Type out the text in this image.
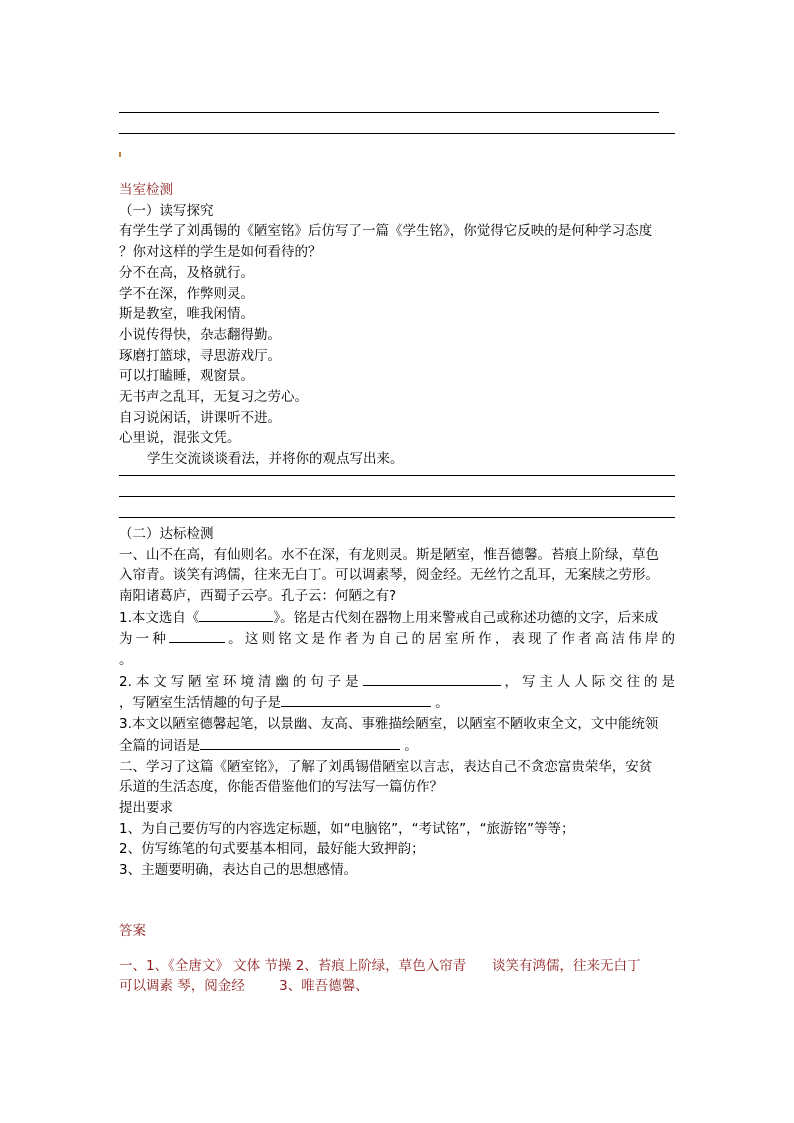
当室检测
（一）读写探究
有学生学了刘禹锡的《陋室铭》后仿写了一篇《学生铭》，你觉得它反映的是何种学习态度
？你对这样的学生是如何看待的？
分不在高，及格就行。
学不在深，作弊则灵。
斯是教室，唯我闲情。
小说传得快，杂志翻得勤。
琢磨打篮球，寻思游戏厅。
可以打瞌睡，观窗景。
无书声之乱耳，无复习之劳心。
自习说闲话，讲课听不进。
心里说，混张文凭。
学生交流谈谈看法，并将你的观点写出来。
（二）达标检测
一、山不在高，有仙则名。水不在深，有龙则灵。斯是陋室，惟吾德馨。苔痕上阶绿，草色
入帘青。谈笑有鸿儒，往来无白丁。可以调素琴，阅金经。无丝竹之乱耳，无案牍之劳形。
南阳诸葛庐，西蜀子云亭。孔子云：何陋之有?
1.本文选自《	》。铭是古代刻在器物上用来警戒自己或称述功德的文字，后来成
为一种	。这则铭文是作者为自己的居室所作，表现了作者高洁伟岸的
。
2.本文写陋室环境清幽的句子是	，写主人人际交往的是
，写陋室生活情趣的句子是	。
3.本文以陋室德馨起笔，以景幽、友高、事雅描绘陋室，以陋室不陋收束全文，文中能统领
全篇的词语是	。
二、学习了这篇《陋室铭》，了解了刘禹锡借陋室以言志，表达自己不贪恋富贵荣华，安贫
乐道的生活态度，你能否借鉴他们的写法写一篇仿作？
提出要求
1、为自己要仿写的内容选定标题，如“电脑铭”，“考试铭”，“旅游铭”等等；
2、仿写练笔的句式要基本相同，最好能大致押韵；
3、主题要明确，表达自己的思想感情。
答案
一、1、《全唐文》 文体 节操 2、苔痕上阶绿，草色入帘青      谈笑有鸿儒，往来无白丁
可以调素 琴，阅金经        3、唯吾德馨、
